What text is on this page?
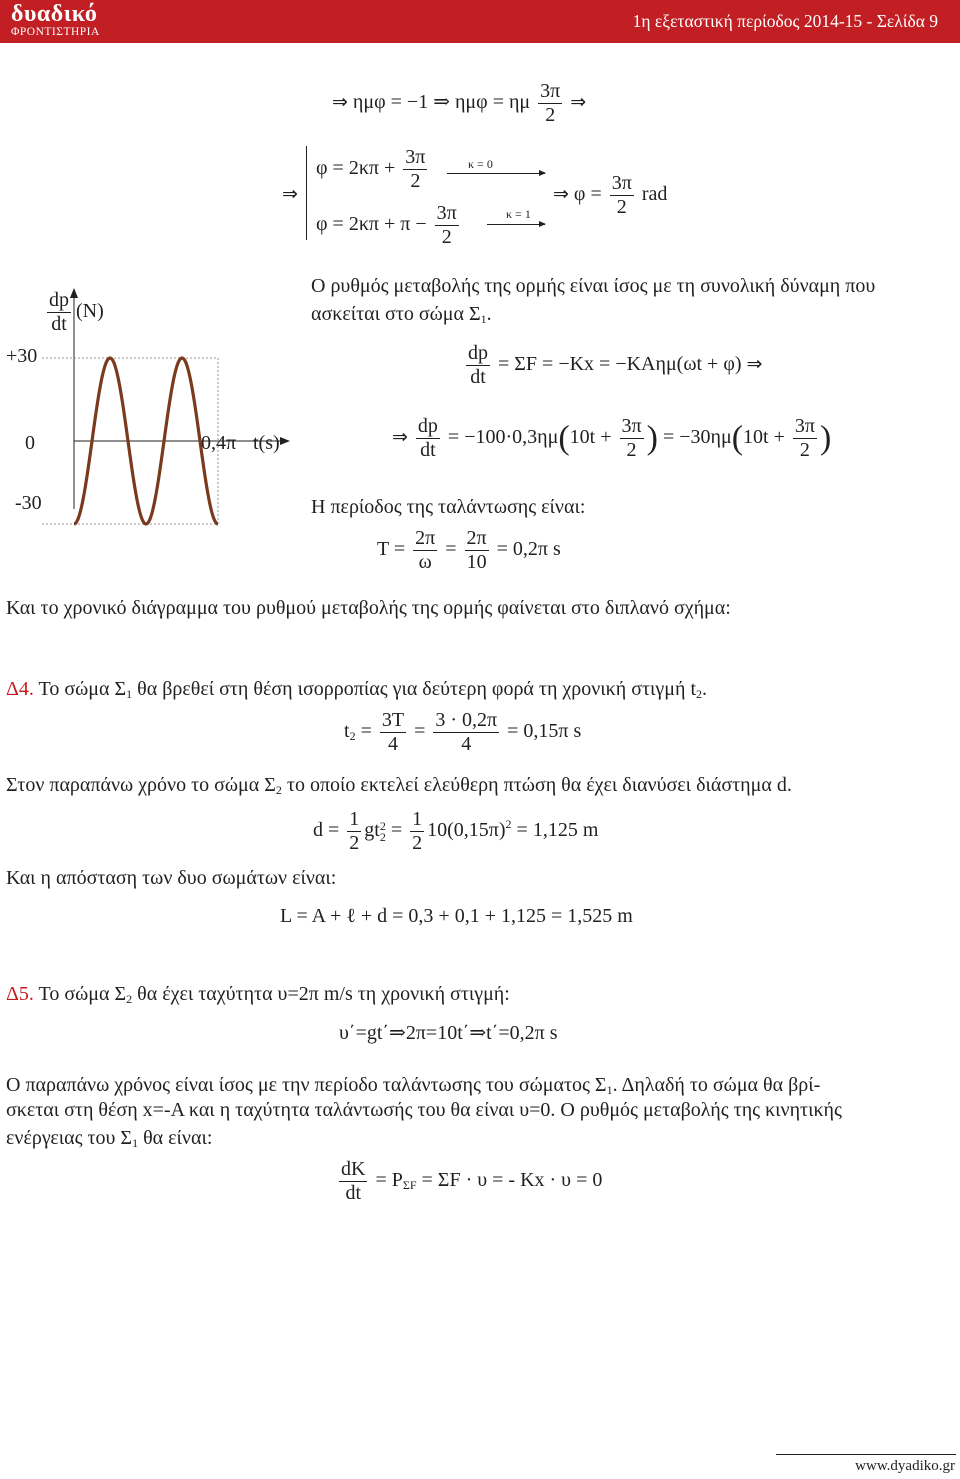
δυαδικό
ΦΡΟΝΤΙΣΤΗΡΙΑ
1η εξεταστική περίοδος 2014-15 - Σελίδα 9
⇒ ημφ = −1 ⇒ ημφ = ημ $\frac{3\pi}{2}$ ⇒
⇒
$\varphi = 2\kappa\pi + \frac{3\pi}{2}$	κ = 0
$\varphi = 2\kappa\pi + \pi - \frac{3\pi}{2}$	κ = 1
⇒ $\varphi = \frac{3\pi}{2}$ rad
+30
0
-30
0,4π t(s)
$\frac{dp}{dt} (N)$
Ο ρυθμός μεταβολής της ορμής είναι ίσος με τη συνολική δύναμη που
ασκείται στο σώμα $\Sigma_1$.
$\frac{dp}{dt} = \Sigma F = -Kx = -KA\eta\mu(\omega t + \varphi)$ ⇒
⇒ $\frac{dp}{dt} = -100\cdot 0,3\eta\mu(10t + \frac{3\pi}{2}$ ) = $-30\eta\mu(10t + \frac{3\pi}{2}$ )
Η περίοδος της ταλάντωσης είναι:
$T = \frac{2\pi}{\omega} = \frac{2\pi}{10} = 0,2\pi$ s
Και το χρονικό διάγραμμα του ρυθμού μεταβολής της ορμής φαίνεται στο διπλανό σχήμα:
Δ4. Το σώμα $\Sigma_1$ θα βρεθεί στη θέση ισορροπίας για δεύτερη φορά τη χρονική στιγμή $t_2$.
$t_2 = \frac{3T}{4} = \frac{3 \cdot 0,2\pi}{4} = 0,15\pi$ s
Στον παραπάνω χρόνο το σώμα $\Sigma_2$ το οποίο εκτελεί ελεύθερη πτώση θα έχει διανύσει διάστημα d.
$d = \frac{1}{2}$ gt 2
$2 = \frac{1}{2} 10(0,15\pi)^2 = 1,125$ m
Και η απόσταση των δυο σωμάτων είναι:
L = A + ℓ + d = 0,3 + 0,1 + 1,125 = 1,525 m
Δ5. Το σώμα $\Sigma_2$ θα έχει ταχύτητα υ=2π m/s τη χρονική στιγμή:
υ΄=gt΄⇒2π=10t΄⇒t΄=0,2π s
Ο παραπάνω χρόνος είναι ίσος με την περίοδο ταλάντωσης του σώματος $\Sigma_1$. Δηλαδή το σώμα θα βρί-
σκεται στη θέση x=-A και η ταχύτητα ταλάντωσής του θα είναι υ=0. Ο ρυθμός μεταβολής της κινητικής
ενέργειας του $\Sigma_1$ θα είναι:
$\frac{dK}{dt} = P_{\Sigma F} = \Sigma F \cdot \upsilon$ = - Kx · υ = 0
www.dyadiko.gr
